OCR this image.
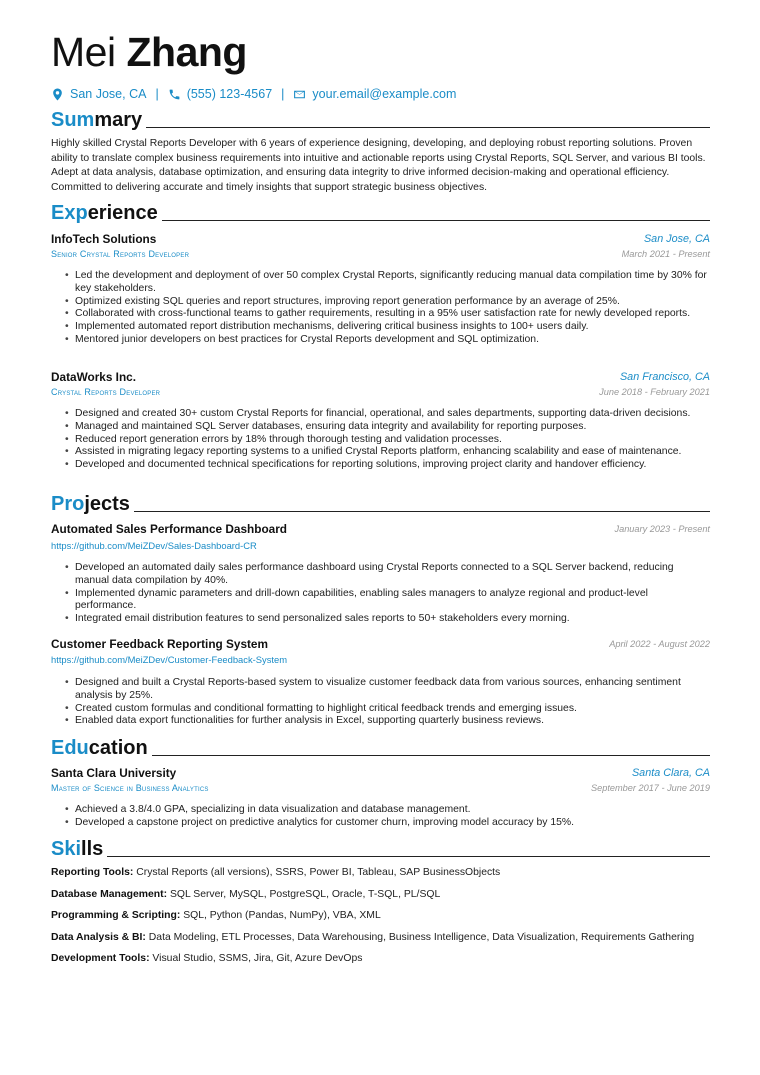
Mei Zhang
San Jose, CA | (555) 123-4567 | your.email@example.com
Summary
Highly skilled Crystal Reports Developer with 6 years of experience designing, developing, and deploying robust reporting solutions. Proven ability to translate complex business requirements into intuitive and actionable reports using Crystal Reports, SQL Server, and various BI tools. Adept at data analysis, database optimization, and ensuring data integrity to drive informed decision-making and operational efficiency. Committed to delivering accurate and timely insights that support strategic business objectives.
Experience
InfoTech Solutions	San Jose, CA
Senior Crystal Reports Developer	March 2021 - Present
• Led the development and deployment of over 50 complex Crystal Reports, significantly reducing manual data compilation time by 30% for key stakeholders.
• Optimized existing SQL queries and report structures, improving report generation performance by an average of 25%.
• Collaborated with cross-functional teams to gather requirements, resulting in a 95% user satisfaction rate for newly developed reports.
• Implemented automated report distribution mechanisms, delivering critical business insights to 100+ users daily.
• Mentored junior developers on best practices for Crystal Reports development and SQL optimization.
DataWorks Inc.	San Francisco, CA
Crystal Reports Developer	June 2018 - February 2021
• Designed and created 30+ custom Crystal Reports for financial, operational, and sales departments, supporting data-driven decisions.
• Managed and maintained SQL Server databases, ensuring data integrity and availability for reporting purposes.
• Reduced report generation errors by 18% through thorough testing and validation processes.
• Assisted in migrating legacy reporting systems to a unified Crystal Reports platform, enhancing scalability and ease of maintenance.
• Developed and documented technical specifications for reporting solutions, improving project clarity and handover efficiency.
Projects
Automated Sales Performance Dashboard	January 2023 - Present
https://github.com/MeiZDev/Sales-Dashboard-CR
• Developed an automated daily sales performance dashboard using Crystal Reports connected to a SQL Server backend, reducing manual data compilation by 40%.
• Implemented dynamic parameters and drill-down capabilities, enabling sales managers to analyze regional and product-level performance.
• Integrated email distribution features to send personalized sales reports to 50+ stakeholders every morning.
Customer Feedback Reporting System	April 2022 - August 2022
https://github.com/MeiZDev/Customer-Feedback-System
• Designed and built a Crystal Reports-based system to visualize customer feedback data from various sources, enhancing sentiment analysis by 25%.
• Created custom formulas and conditional formatting to highlight critical feedback trends and emerging issues.
• Enabled data export functionalities for further analysis in Excel, supporting quarterly business reviews.
Education
Santa Clara University	Santa Clara, CA
Master of Science in Business Analytics	September 2017 - June 2019
• Achieved a 3.8/4.0 GPA, specializing in data visualization and database management.
• Developed a capstone project on predictive analytics for customer churn, improving model accuracy by 15%.
Skills
Reporting Tools: Crystal Reports (all versions), SSRS, Power BI, Tableau, SAP BusinessObjects
Database Management: SQL Server, MySQL, PostgreSQL, Oracle, T-SQL, PL/SQL
Programming & Scripting: SQL, Python (Pandas, NumPy), VBA, XML
Data Analysis & BI: Data Modeling, ETL Processes, Data Warehousing, Business Intelligence, Data Visualization, Requirements Gathering
Development Tools: Visual Studio, SSMS, Jira, Git, Azure DevOps
